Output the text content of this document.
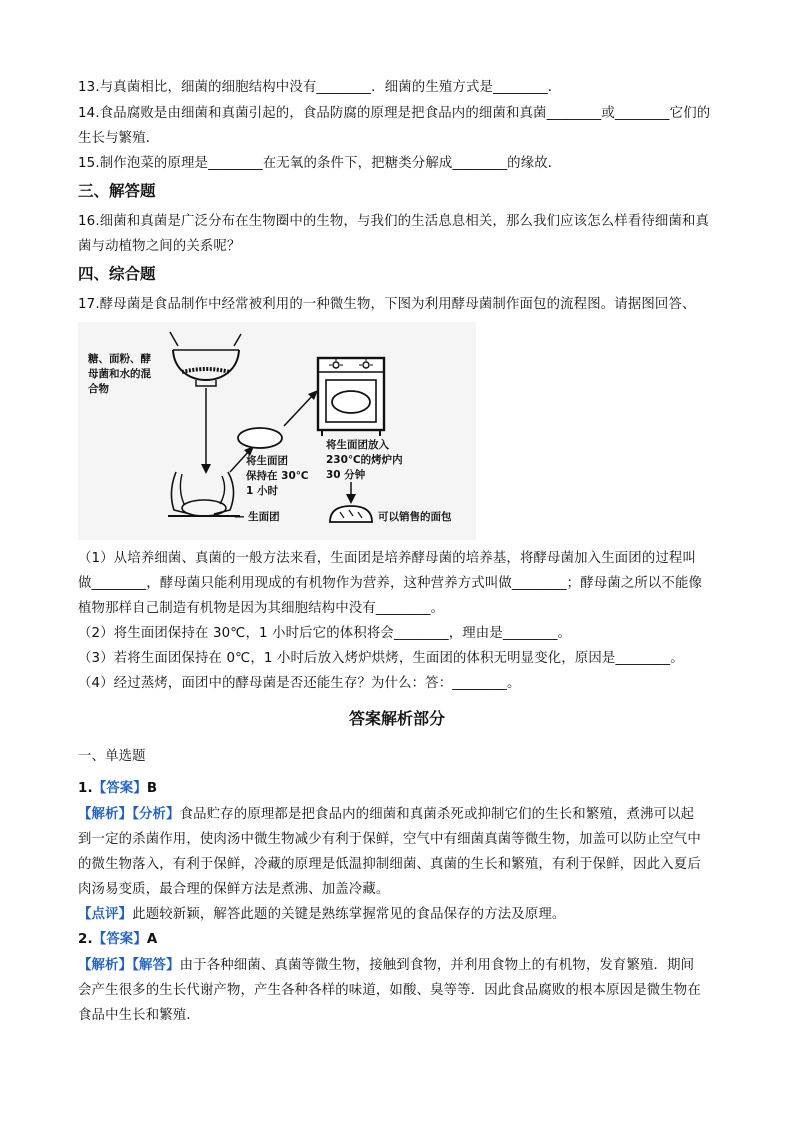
13.与真菌相比，细菌的细胞结构中没有________．细菌的生殖方式是________．
14.食品腐败是由细菌和真菌引起的，食品防腐的原理是把食品内的细菌和真菌________或________它们的
生长与繁殖．
15.制作泡菜的原理是________在无氧的条件下，把糖类分解成________的缘故．
三、解答题
16.细菌和真菌是广泛分布在生物圈中的生物，与我们的生活息息相关，那么我们应该怎么样看待细菌和真
菌与动植物之间的关系呢？
四、综合题
17.酵母菌是食品制作中经常被利用的一种微生物，下图为利用酵母菌制作面包的流程图。请据图回答、
糖、面粉、酵
母菌和水的混
合物
— 生面团
将生面团
保持在 30℃
1 小时
将生面团放入
230℃的烤炉内
30 分钟
可以销售的面包
（1）从培养细菌、真菌的一般方法来看，生面团是培养酵母菌的培养基，将酵母菌加入生面团的过程叫
做________，酵母菌只能利用现成的有机物作为营养，这种营养方式叫做________；酵母菌之所以不能像
植物那样自己制造有机物是因为其细胞结构中没有________。
（2）将生面团保持在 30℃，1 小时后它的体积将会________，理由是________。
（3）若将生面团保持在 0℃，1 小时后放入烤炉烘烤，生面团的体积无明显变化，原因是________。
（4）经过蒸烤，面团中的酵母菌是否还能生存？为什么：答：________。
答案解析部分
一、单选题
1.【答案】B
【解析】【分析】食品贮存的原理都是把食品内的细菌和真菌杀死或抑制它们的生长和繁殖，煮沸可以起
到一定的杀菌作用，使肉汤中微生物减少有利于保鲜，空气中有细菌真菌等微生物，加盖可以防止空气中
的微生物落入，有利于保鲜，冷藏的原理是低温抑制细菌、真菌的生长和繁殖，有利于保鲜，因此入夏后
肉汤易变质，最合理的保鲜方法是煮沸、加盖冷藏。
【点评】此题较新颖，解答此题的关键是熟练掌握常见的食品保存的方法及原理。
2.【答案】A
【解析】【解答】由于各种细菌、真菌等微生物，接触到食物，并利用食物上的有机物，发育繁殖．期间
会产生很多的生长代谢产物，产生各种各样的味道，如酸、臭等等．因此食品腐败的根本原因是微生物在
食品中生长和繁殖．
